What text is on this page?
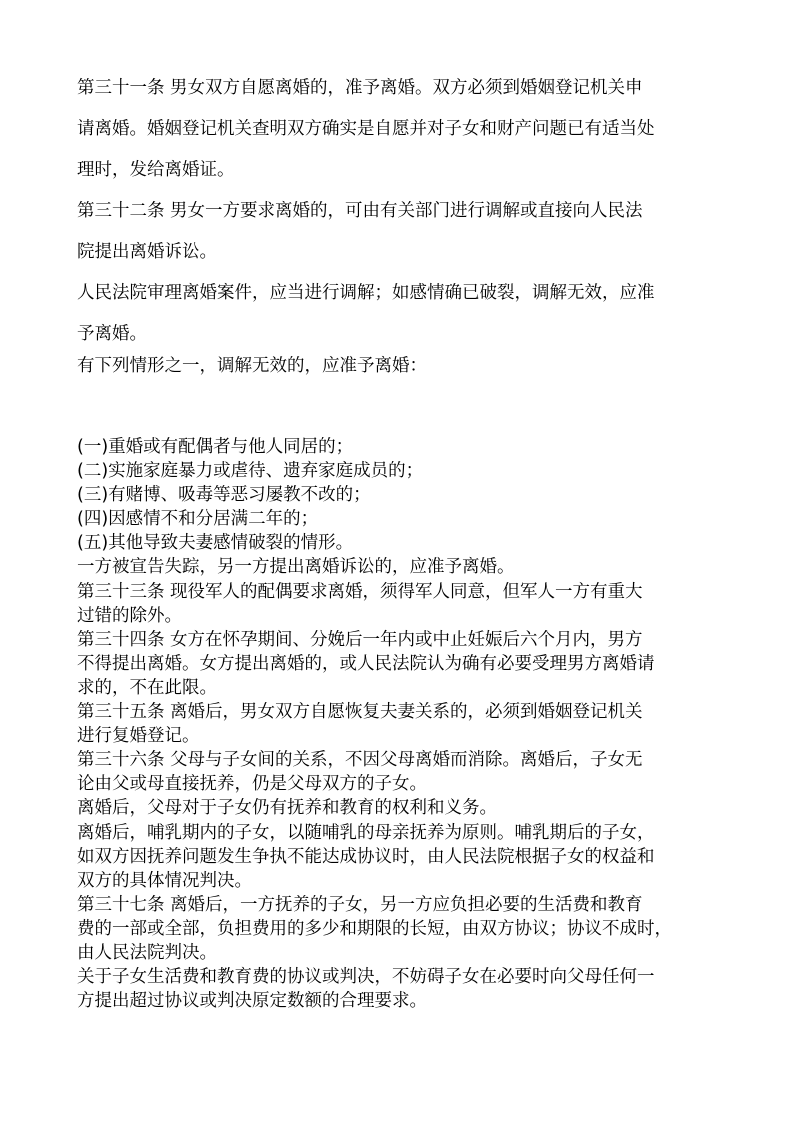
第三十一条 男女双方自愿离婚的，准予离婚。双方必须到婚姻登记机关申
请离婚。婚姻登记机关查明双方确实是自愿并对子女和财产问题已有适当处
理时，发给离婚证。
第三十二条 男女一方要求离婚的，可由有关部门进行调解或直接向人民法
院提出离婚诉讼。
人民法院审理离婚案件，应当进行调解；如感情确已破裂，调解无效，应准
予离婚。
有下列情形之一，调解无效的，应准予离婚：
(一)重婚或有配偶者与他人同居的；
(二)实施家庭暴力或虐待、遗弃家庭成员的；
(三)有赌博、吸毒等恶习屡教不改的；
(四)因感情不和分居满二年的；
(五)其他导致夫妻感情破裂的情形。
一方被宣告失踪，另一方提出离婚诉讼的，应准予离婚。
第三十三条 现役军人的配偶要求离婚，须得军人同意，但军人一方有重大
过错的除外。
第三十四条 女方在怀孕期间、分娩后一年内或中止妊娠后六个月内，男方
不得提出离婚。女方提出离婚的，或人民法院认为确有必要受理男方离婚请
求的，不在此限。
第三十五条 离婚后，男女双方自愿恢复夫妻关系的，必须到婚姻登记机关
进行复婚登记。
第三十六条 父母与子女间的关系，不因父母离婚而消除。离婚后，子女无
论由父或母直接抚养，仍是父母双方的子女。
离婚后，父母对于子女仍有抚养和教育的权利和义务。
离婚后，哺乳期内的子女，以随哺乳的母亲抚养为原则。哺乳期后的子女，
如双方因抚养问题发生争执不能达成协议时，由人民法院根据子女的权益和
双方的具体情况判决。
第三十七条 离婚后，一方抚养的子女，另一方应负担必要的生活费和教育
费的一部或全部，负担费用的多少和期限的长短，由双方协议；协议不成时，
由人民法院判决。
关于子女生活费和教育费的协议或判决，不妨碍子女在必要时向父母任何一
方提出超过协议或判决原定数额的合理要求。
